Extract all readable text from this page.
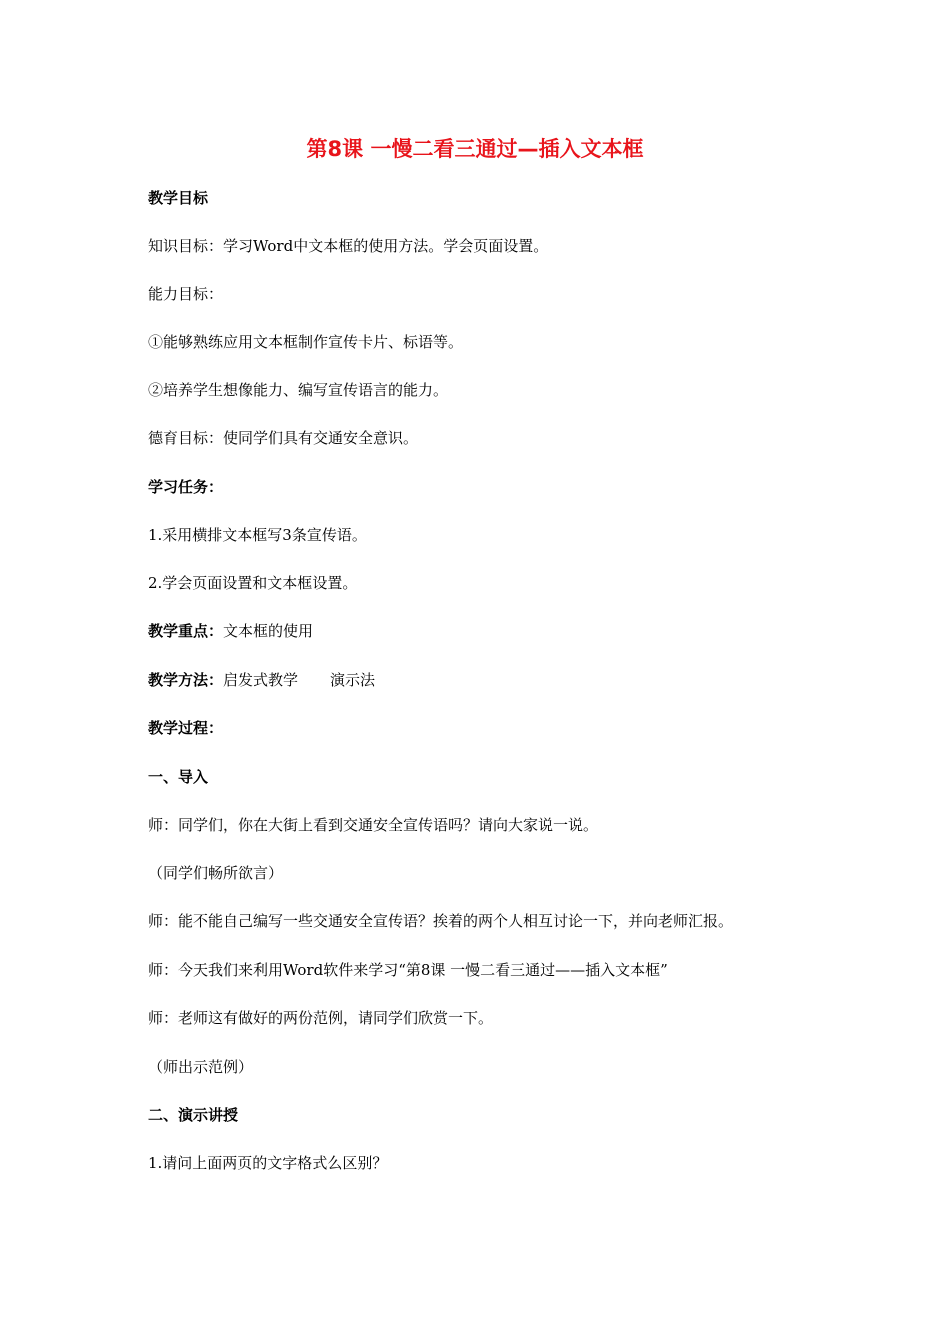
第8课 一慢二看三通过—插入文本框
教学目标
知识目标：学习Word中文本框的使用方法。学会页面设置。
能力目标：
①能够熟练应用文本框制作宣传卡片、标语等。
②培养学生想像能力、编写宣传语言的能力。
德育目标：使同学们具有交通安全意识。
学习任务：
1.采用横排文本框写3条宣传语。
2.学会页面设置和文本框设置。
教学重点：文本框的使用
教学方法：启发式教学 演示法
教学过程：
一、导入
师：同学们，你在大街上看到交通安全宣传语吗？请向大家说一说。
（同学们畅所欲言）
师：能不能自己编写一些交通安全宣传语？挨着的两个人相互讨论一下，并向老师汇报。
师：今天我们来利用Word软件来学习“第8课 一慢二看三通过——插入文本框”
师：老师这有做好的两份范例，请同学们欣赏一下。
（师出示范例）
二、演示讲授
1.请问上面两页的文字格式么区别？
